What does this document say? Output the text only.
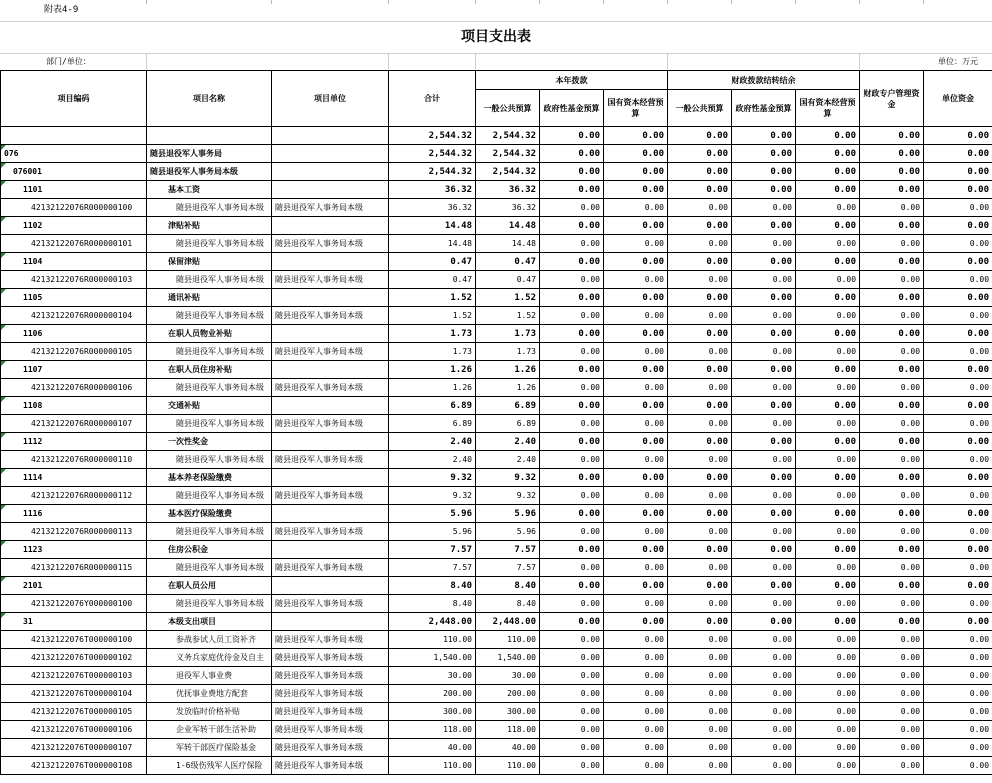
附表4-9
项目支出表
部门/单位：	单位：万元
项目编码	项目名称	项目单位	合计	本年拨款			财政拨款结转结余			财政专户管理资金	单位资金
				一般公共预算	政府性基金预算	国有资本经营预算	一般公共预算	政府性基金预算	国有资本经营预算		
			2,544.32	2,544.32	0.00	0.00	0.00	0.00	0.00	0.00	0.00
076	随县退役军人事务局		2,544.32	2,544.32	0.00	0.00	0.00	0.00	0.00	0.00	0.00
076001	随县退役军人事务局本级		2,544.32	2,544.32	0.00	0.00	0.00	0.00	0.00	0.00	0.00
1101	基本工资		36.32	36.32	0.00	0.00	0.00	0.00	0.00	0.00	0.00
42132122076R000000100	随县退役军人事务局本级	随县退役军人事务局本级	36.32	36.32	0.00	0.00	0.00	0.00	0.00	0.00	0.00
1102	津贴补贴		14.48	14.48	0.00	0.00	0.00	0.00	0.00	0.00	0.00
42132122076R000000101	随县退役军人事务局本级	随县退役军人事务局本级	14.48	14.48	0.00	0.00	0.00	0.00	0.00	0.00	0.00
1104	保留津贴		0.47	0.47	0.00	0.00	0.00	0.00	0.00	0.00	0.00
42132122076R000000103	随县退役军人事务局本级	随县退役军人事务局本级	0.47	0.47	0.00	0.00	0.00	0.00	0.00	0.00	0.00
1105	通讯补贴		1.52	1.52	0.00	0.00	0.00	0.00	0.00	0.00	0.00
42132122076R000000104	随县退役军人事务局本级	随县退役军人事务局本级	1.52	1.52	0.00	0.00	0.00	0.00	0.00	0.00	0.00
1106	在职人员物业补贴		1.73	1.73	0.00	0.00	0.00	0.00	0.00	0.00	0.00
42132122076R000000105	随县退役军人事务局本级	随县退役军人事务局本级	1.73	1.73	0.00	0.00	0.00	0.00	0.00	0.00	0.00
1107	在职人员住房补贴		1.26	1.26	0.00	0.00	0.00	0.00	0.00	0.00	0.00
42132122076R000000106	随县退役军人事务局本级	随县退役军人事务局本级	1.26	1.26	0.00	0.00	0.00	0.00	0.00	0.00	0.00
1108	交通补贴		6.89	6.89	0.00	0.00	0.00	0.00	0.00	0.00	0.00
42132122076R000000107	随县退役军人事务局本级	随县退役军人事务局本级	6.89	6.89	0.00	0.00	0.00	0.00	0.00	0.00	0.00
1112	一次性奖金		2.40	2.40	0.00	0.00	0.00	0.00	0.00	0.00	0.00
42132122076R000000110	随县退役军人事务局本级	随县退役军人事务局本级	2.40	2.40	0.00	0.00	0.00	0.00	0.00	0.00	0.00
1114	基本养老保险缴费		9.32	9.32	0.00	0.00	0.00	0.00	0.00	0.00	0.00
42132122076R000000112	随县退役军人事务局本级	随县退役军人事务局本级	9.32	9.32	0.00	0.00	0.00	0.00	0.00	0.00	0.00
1116	基本医疗保险缴费		5.96	5.96	0.00	0.00	0.00	0.00	0.00	0.00	0.00
42132122076R000000113	随县退役军人事务局本级	随县退役军人事务局本级	5.96	5.96	0.00	0.00	0.00	0.00	0.00	0.00	0.00
1123	住房公积金		7.57	7.57	0.00	0.00	0.00	0.00	0.00	0.00	0.00
42132122076R000000115	随县退役军人事务局本级	随县退役军人事务局本级	7.57	7.57	0.00	0.00	0.00	0.00	0.00	0.00	0.00
2101	在职人员公用		8.40	8.40	0.00	0.00	0.00	0.00	0.00	0.00	0.00
42132122076Y000000100	随县退役军人事务局本级	随县退役军人事务局本级	8.40	8.40	0.00	0.00	0.00	0.00	0.00	0.00	0.00
31	本级支出项目		2,448.00	2,448.00	0.00	0.00	0.00	0.00	0.00	0.00	0.00
42132122076T000000100	参战参试人员工资补齐	随县退役军人事务局本级	110.00	110.00	0.00	0.00	0.00	0.00	0.00	0.00	0.00
42132122076T000000102	义务兵家庭优待金及自主	随县退役军人事务局本级	1,540.00	1,540.00	0.00	0.00	0.00	0.00	0.00	0.00	0.00
42132122076T000000103	退役军人事业费	随县退役军人事务局本级	30.00	30.00	0.00	0.00	0.00	0.00	0.00	0.00	0.00
42132122076T000000104	优抚事业费地方配套	随县退役军人事务局本级	200.00	200.00	0.00	0.00	0.00	0.00	0.00	0.00	0.00
42132122076T000000105	发放临时价格补贴	随县退役军人事务局本级	300.00	300.00	0.00	0.00	0.00	0.00	0.00	0.00	0.00
42132122076T000000106	企业军转干部生活补助	随县退役军人事务局本级	118.00	118.00	0.00	0.00	0.00	0.00	0.00	0.00	0.00
42132122076T000000107	军转干部医疗保险基金	随县退役军人事务局本级	40.00	40.00	0.00	0.00	0.00	0.00	0.00	0.00	0.00
42132122076T000000108	1-6级伤残军人医疗保险	随县退役军人事务局本级	110.00	110.00	0.00	0.00	0.00	0.00	0.00	0.00	0.00
